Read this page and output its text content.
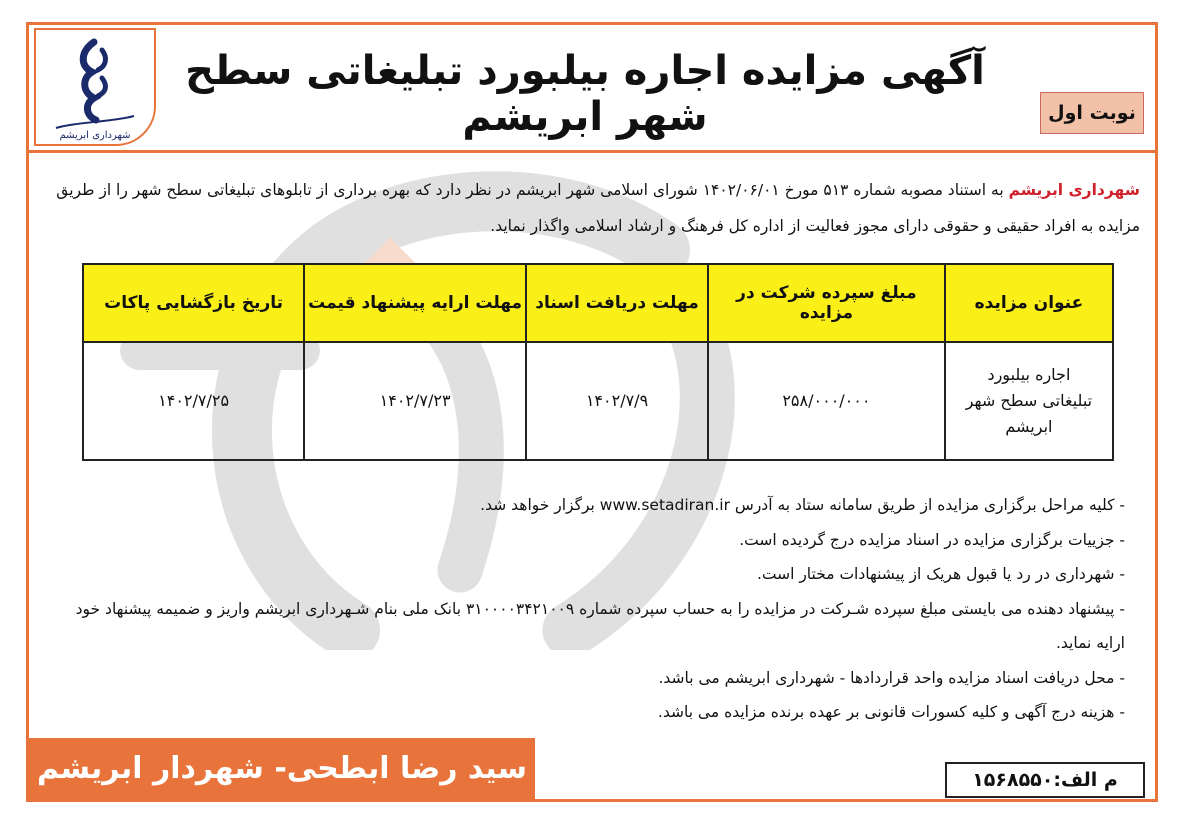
شهرداری ابریشم
آگهی مزایده اجاره بیلبورد تبلیغاتی سطح شهر ابریشم	نوبت اول
شهرداری ابریشم به استناد مصوبه شماره ۵۱۳ مورخ ۱۴۰۲/۰۶/۰۱ شورای اسلامی شهر ابریشم در نظر دارد که بهره برداری از تابلوهای تبلیغاتی سطح شهر را از طریق مزایده به افراد حقیقی و حقوقی دارای مجوز فعالیت از اداره کل فرهنگ و ارشاد اسلامی واگذار نماید.
عنوان مزایده	مبلغ سپرده شرکت در مزایده	مهلت دریافت اسناد	مهلت ارایه پیشنهاد قیمت	تاریخ بازگشایی پاکات
اجاره بیلبورد تبلیغاتی سطح شهر ابریشم	۲۵۸/۰۰۰/۰۰۰	۱۴۰۲/۷/۹	۱۴۰۲/۷/۲۳	۱۴۰۲/۷/۲۵
- کلیه مراحل برگزاری مزایده از طریق سامانه ستاد به آدرس www.setadiran.ir برگزار خواهد شد.
- جزییات برگزاری مزایده در اسناد مزایده درج گردیده است.
- شهرداری در رد یا قبول هریک از پیشنهادات مختار است.
- پیشنهاد دهنده می بایستی مبلغ سپرده شـرکت در مزایده را به حساب سپرده شماره ۳۱۰۰۰۰۳۴۲۱۰۰۹ بانک ملی بنام شـهرداری ابریشم واریز و ضمیمه پیشنهاد خود ارایه نماید.
- محل دریافت اسناد مزایده واحد قراردادها - شهرداری ابریشم می باشد.
- هزینه درج آگهی و کلیه کسورات قانونی بر عهده برنده مزایده می باشد.
سید رضا ابطحی- شهردار ابریشم	م الف:۱۵۶۸۵۵۰
